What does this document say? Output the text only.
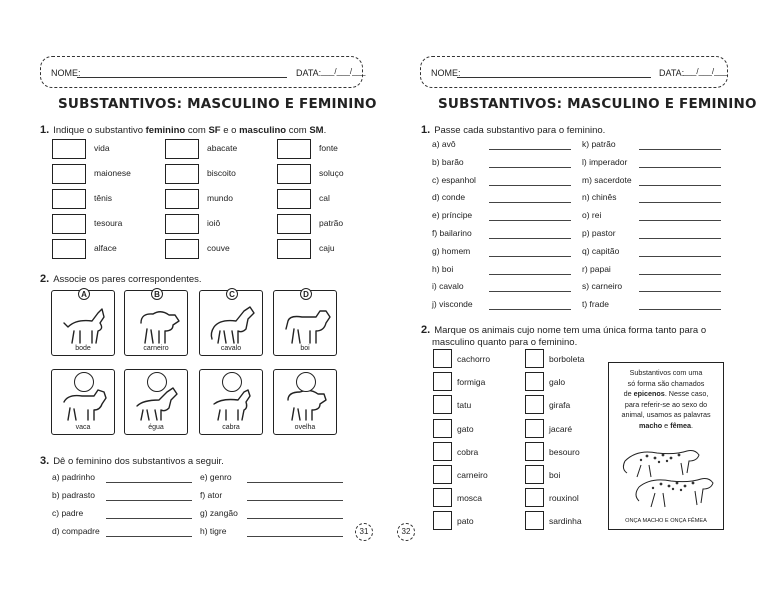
NOME:	DATA: ___/___/___
SUBSTANTIVOS: MASCULINO E FEMININO
1. Indique o substantivo feminino com SF e o masculino com SM.
vida	abacate	fonte
maionese	biscoito	soluço
tênis	mundo	cal
tesoura	ioiô	patrão
alface	couve	caju
2. Associe os pares correspondentes.
A
bode
B
carneiro
C
cavalo
D
boi
vaca	égua	cabra	ovelha
3. Dê o feminino dos substantivos a seguir.
a) padrinho	e) genro
b) padrasto	f) ator
c) padre	g) zangão
d) compadre	h) tigre	31
NOME:	DATA:
___/___/___
SUBSTANTIVOS: MASCULINO E FEMININO
1. Passe cada substantivo para o feminino.
a) avô	k) patrão
b) barão	l) imperador
c) espanhol	m) sacerdote
d) conde	n) chinês
e) príncipe	o) rei
f) bailarino	p) pastor
g) homem	q) capitão
h) boi	r) papai
i) cavalo	s) carneiro
j) visconde	t) frade
2. Marque os animais cujo nome tem uma única forma tanto para o
masculino quanto para o feminino.
cachorro	borboleta
formiga	galo
tatu	girafa
gato	jacaré
cobra	besouro
carneiro	boi
mosca	rouxinol
pato	sardinha
Substantivos com uma
só forma são chamados
de epicenos. Nesse caso,
para referir-se ao sexo do
animal, usamos as palavras
macho e fêmea.
ONÇA MACHO E ONÇA FÊMEA
32
